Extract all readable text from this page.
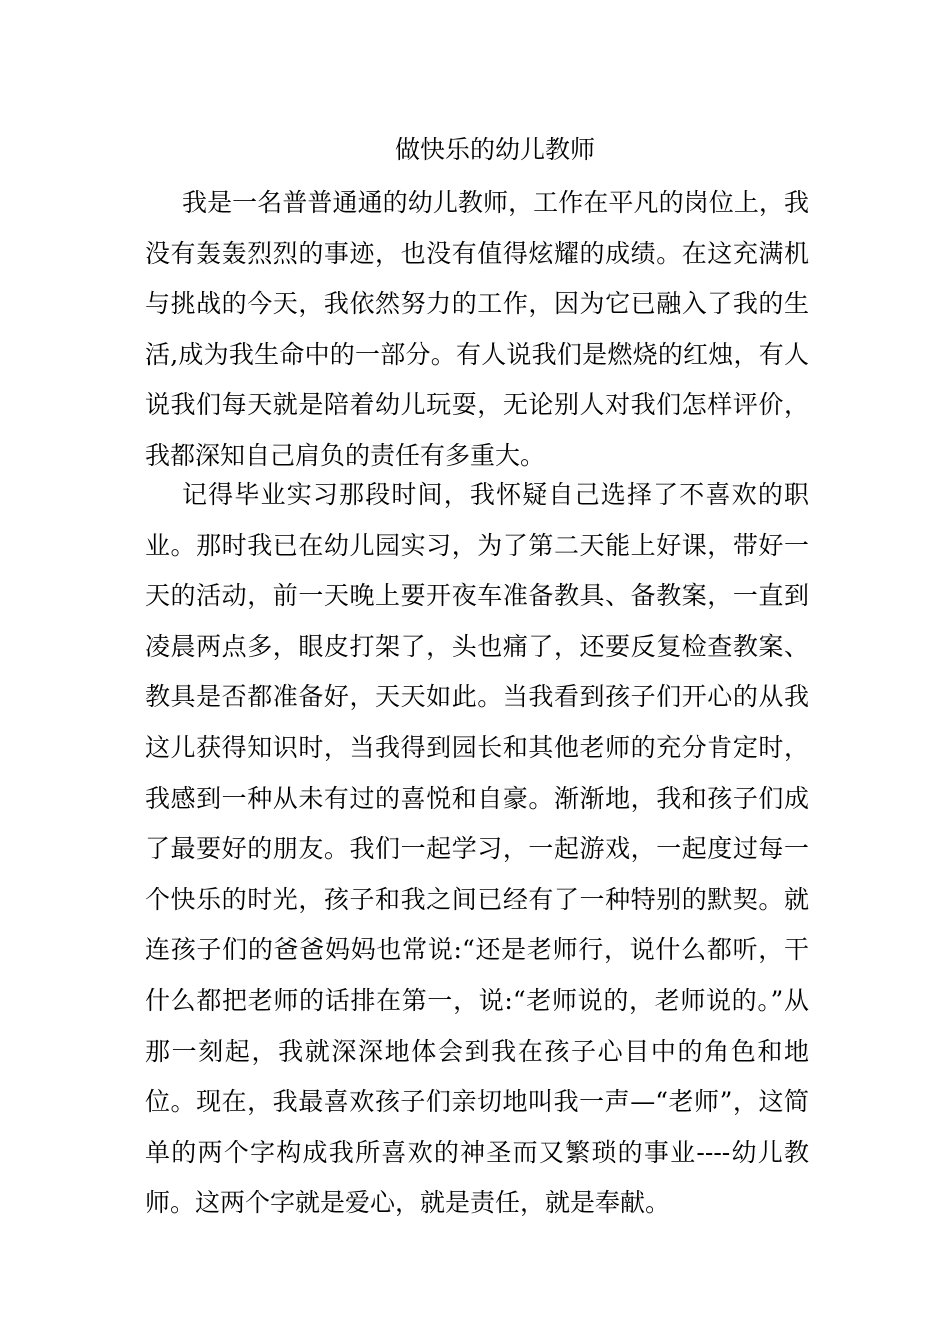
做快乐的幼儿教师

我是一名普普通通的幼儿教师，工作在平凡的岗位上，我没有轰轰烈烈的事迹，也没有值得炫耀的成绩。在这充满机与挑战的今天，我依然努力的工作，因为它已融入了我的生活,成为我生命中的一部分。有人说我们是燃烧的红烛，有人说我们每天就是陪着幼儿玩耍，无论别人对我们怎样评价，我都深知自己肩负的责任有多重大。

记得毕业实习那段时间，我怀疑自己选择了不喜欢的职业。那时我已在幼儿园实习，为了第二天能上好课，带好一天的活动，前一天晚上要开夜车准备教具、备教案，一直到凌晨两点多，眼皮打架了，头也痛了，还要反复检查教案、教具是否都准备好，天天如此。当我看到孩子们开心的从我这儿获得知识时，当我得到园长和其他老师的充分肯定时，我感到一种从未有过的喜悦和自豪。渐渐地，我和孩子们成了最要好的朋友。我们一起学习，一起游戏，一起度过每一个快乐的时光，孩子和我之间已经有了一种特别的默契。就连孩子们的爸爸妈妈也常说:“还是老师行，说什么都听，干什么都把老师的话排在第一，说:“老师说的，老师说的。”从那一刻起，我就深深地体会到我在孩子心目中的角色和地位。现在，我最喜欢孩子们亲切地叫我一声—“老师”，这简单的两个字构成我所喜欢的神圣而又繁琐的事业----幼儿教师。这两个字就是爱心，就是责任，就是奉献。
